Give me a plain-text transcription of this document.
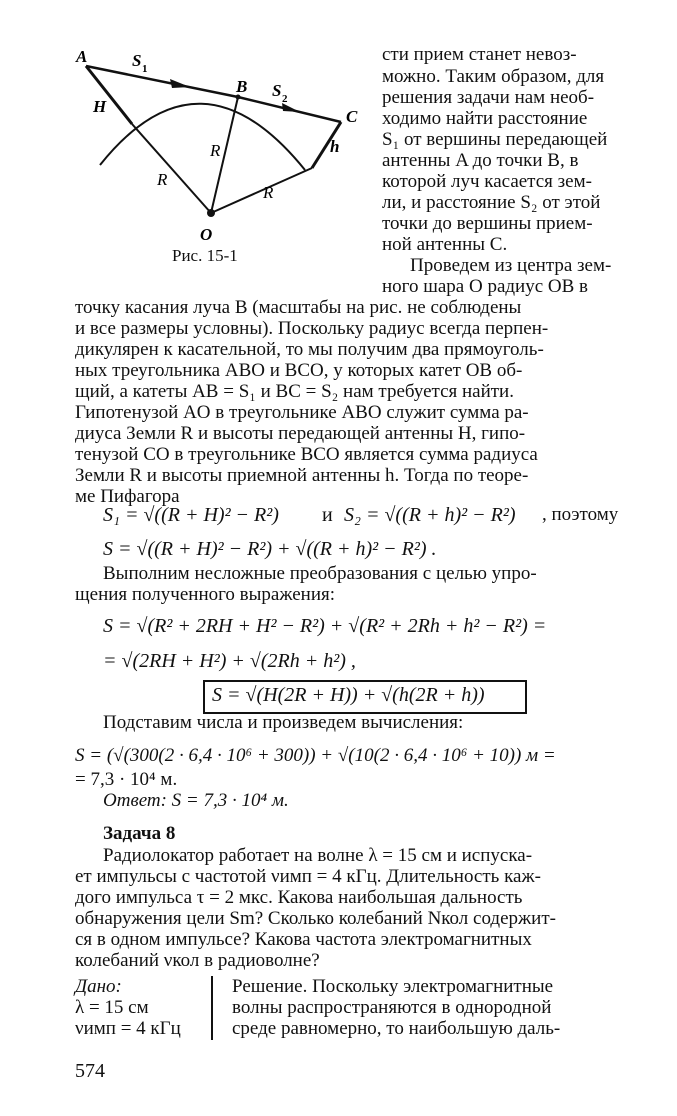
A
B
C
O
H
h
S 1
S 2
R
R
R
Рис. 15-1
сти прием станет невоз-
можно. Таким образом, для
решения задачи нам необ-
ходимо найти расстояние
S₁ от вершины передающей
антенны A до точки B, в
которой луч касается зем-
ли, и расстояние S₂ от этой
точки до вершины прием-
ной антенны C.
Проведем из центра зем-
ного шара O радиус OB в
точку касания луча B (масштабы на рис. не соблюдены
и все размеры условны). Поскольку радиус всегда перпен-
дикулярен к касательной, то мы получим два прямоуголь-
ных треугольника ABO и BCO, у которых катет OB об-
щий, а катеты AB = S₁ и BC = S₂ нам требуется найти.
Гипотенузой AO в треугольнике ABO служит сумма ра-
диуса Земли R и высоты передающей антенны H, гипо-
тенузой CO в треугольнике BCO является сумма радиуса
Земли R и высоты приемной антенны h. Тогда по теоре-
ме Пифагора
S₁ = √((R + H)² − R²) и S₂ = √((R + h)² − R²) , поэтому
S = √((R + H)² − R²) + √((R + h)² − R²) .
Выполним несложные преобразования с целью упро-
щения полученного выражения:
S = √(R² + 2RH + H² − R²) + √(R² + 2Rh + h² − R²) =
= √(2RH + H²) + √(2Rh + h²) ,
S = √(H(2R + H)) + √(h(2R + h))
Подставим числа и произведем вычисления:
S = (√(300(2 · 6,4 · 10⁶ + 300)) + √(10(2 · 6,4 · 10⁶ + 10)) м =
= 7,3 · 10⁴ м.
Ответ: S = 7,3 · 10⁴ м.
Задача 8
Радиолокатор работает на волне λ = 15 см и испуска-
ет импульсы с частотой νимп = 4 кГц. Длительность каж-
дого импульса τ = 2 мкс. Какова наибольшая дальность
обнаружения цели Sm? Сколько колебаний Nкол содержит-
ся в одном импульсе? Какова частота электромагнитных
колебаний νкол в радиоволне?
Дано:
λ = 15 см
νимп = 4 кГц
Решение. Поскольку электромагнитные
волны распространяются в однородной
среде равномерно, то наибольшую даль-
574
